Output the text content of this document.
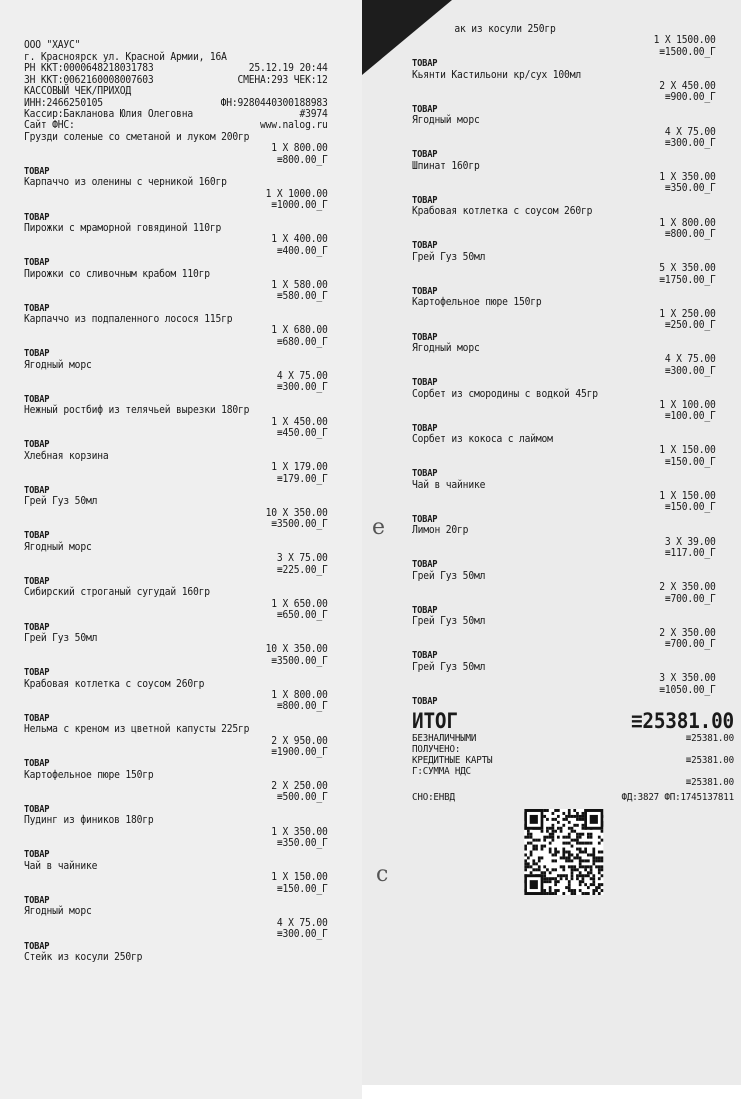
ООО "ХАУС"
г. Красноярск ул. Красной Армии, 16А
РН ККТ:0000648218031783	25.12.19 20:44
ЗН ККТ:0062160008007603	СМЕНА:293 ЧЕК:12
КАССОВЫЙ ЧЕК/ПРИХОД
ИНН:2466250105	ФН:9280440300188983
Кассир:Бакланова Юлия Олеговна	#3974
Сайт ФНС:	www.nalog.ru
Грузди соленые со сметаной и луком 200гр
1 X 800.00
≡800.00_Г
ТОВАР
Карпаччо из оленины с черникой 160гр
1 X 1000.00
≡1000.00_Г
ТОВАР
Пирожки с мраморной говядиной 110гр
1 X 400.00
≡400.00_Г
ТОВАР
Пирожки со сливочным крабом 110гр
1 X 580.00
≡580.00_Г
ТОВАР
Карпаччо из подпаленного лосося 115гр
1 X 680.00
≡680.00_Г
ТОВАР
Ягодный морс
4 X 75.00
≡300.00_Г
ТОВАР
Нежный ростбиф из телячьей вырезки 180гр
1 X 450.00
≡450.00_Г
ТОВАР
Хлебная корзина
1 X 179.00
≡179.00_Г
ТОВАР
Грей Гуз 50мл
10 X 350.00
≡3500.00_Г
ТОВАР
Ягодный морс
3 X 75.00
≡225.00_Г
ТОВАР
Сибирский строганый сугудай 160гр
1 X 650.00
≡650.00_Г
ТОВАР
Грей Гуз 50мл
10 X 350.00
≡3500.00_Г
ТОВАР
Крабовая котлетка с соусом 260гр
1 X 800.00
≡800.00_Г
ТОВАР
Нельма с креном из цветной капусты 225гр
2 X 950.00
≡1900.00_Г
ТОВАР
Картофельное пюре 150гр
2 X 250.00
≡500.00_Г
ТОВАР
Пудинг из фиников 180гр
1 X 350.00
≡350.00_Г
ТОВАР
Чай в чайнике
1 X 150.00
≡150.00_Г
ТОВАР
Ягодный морс
4 X 75.00
≡300.00_Г
ТОВАР
Стейк из косули 250гр
ак из косули 250гр
1 X 1500.00
≡1500.00_Г
ТОВАР
Кьянти Кастильони кр/сух 100мл
2 X 450.00
≡900.00_Г
ТОВАР
Ягодный морс
4 X 75.00
≡300.00_Г
ТОВАР
Шпинат 160гр
1 X 350.00
≡350.00_Г
ТОВАР
Крабовая котлетка с соусом 260гр
1 X 800.00
≡800.00_Г
ТОВАР
Грей Гуз 50мл
5 X 350.00
≡1750.00_Г
ТОВАР
Картофельное пюре 150гр
1 X 250.00
≡250.00_Г
ТОВАР
Ягодный морс
4 X 75.00
≡300.00_Г
ТОВАР
Сорбет из смородины с водкой 45гр
1 X 100.00
≡100.00_Г
ТОВАР
Сорбет из кокоса с лаймом
1 X 150.00
≡150.00_Г
ТОВАР
Чай в чайнике
1 X 150.00
≡150.00_Г
ТОВАР
Лимон 20гр
3 X 39.00
≡117.00_Г
ТОВАР
Грей Гуз 50мл
2 X 350.00
≡700.00_Г
ТОВАР
Грей Гуз 50мл
2 X 350.00
≡700.00_Г
ТОВАР
Грей Гуз 50мл
3 X 350.00
≡1050.00_Г
ТОВАР
ИТОГ	≡25381.00
БЕЗНАЛИЧНЫМИ	≡25381.00
ПОЛУЧЕНО:
КРЕДИТНЫЕ КАРТЫ	≡25381.00
Г:СУММА НДС
≡25381.00
СНО:ЕНВД	ФД:3827 ФП:1745137811
c
e
